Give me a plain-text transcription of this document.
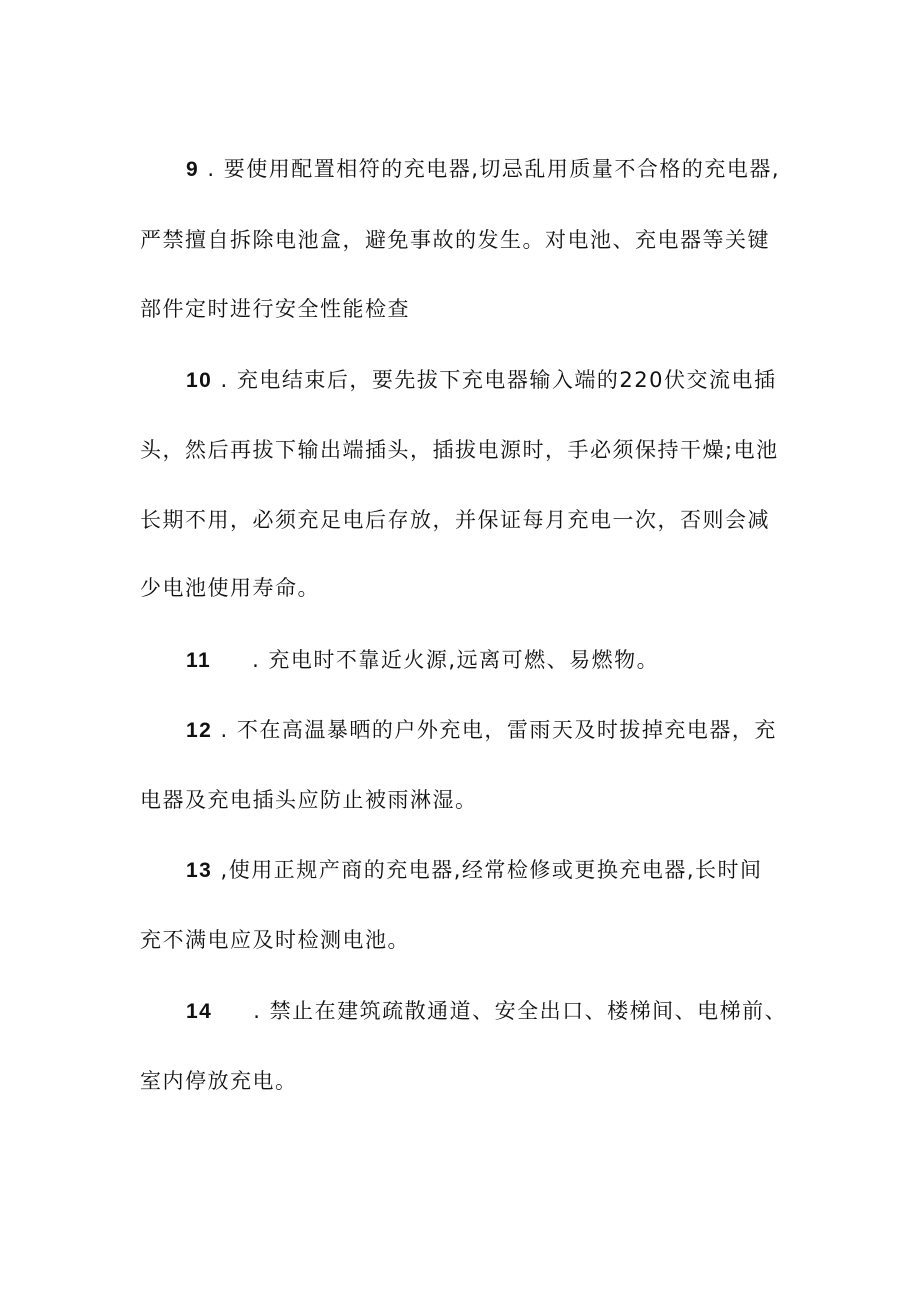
9 . 要使用配置相符的充电器,切忌乱用质量不合格的充电器,
严禁擅自拆除电池盒，避免事故的发生。对电池、充电器等关键
部件定时进行安全性能检查
10 . 充电结束后，要先拔下充电器输入端的220伏交流电插
头，然后再拔下输出端插头，插拔电源时，手必须保持干燥;电池
长期不用，必须充足电后存放，并保证每月充电一次，否则会减
少电池使用寿命。
11     . 充电时不靠近火源,远离可燃、易燃物。
12 . 不在高温暴晒的户外充电，雷雨天及时拔掉充电器，充
电器及充电插头应防止被雨淋湿。
13 ,使用正规产商的充电器,经常检修或更换充电器,长时间
充不满电应及时检测电池。
14     . 禁止在建筑疏散通道、安全出口、楼梯间、电梯前、
室内停放充电。
